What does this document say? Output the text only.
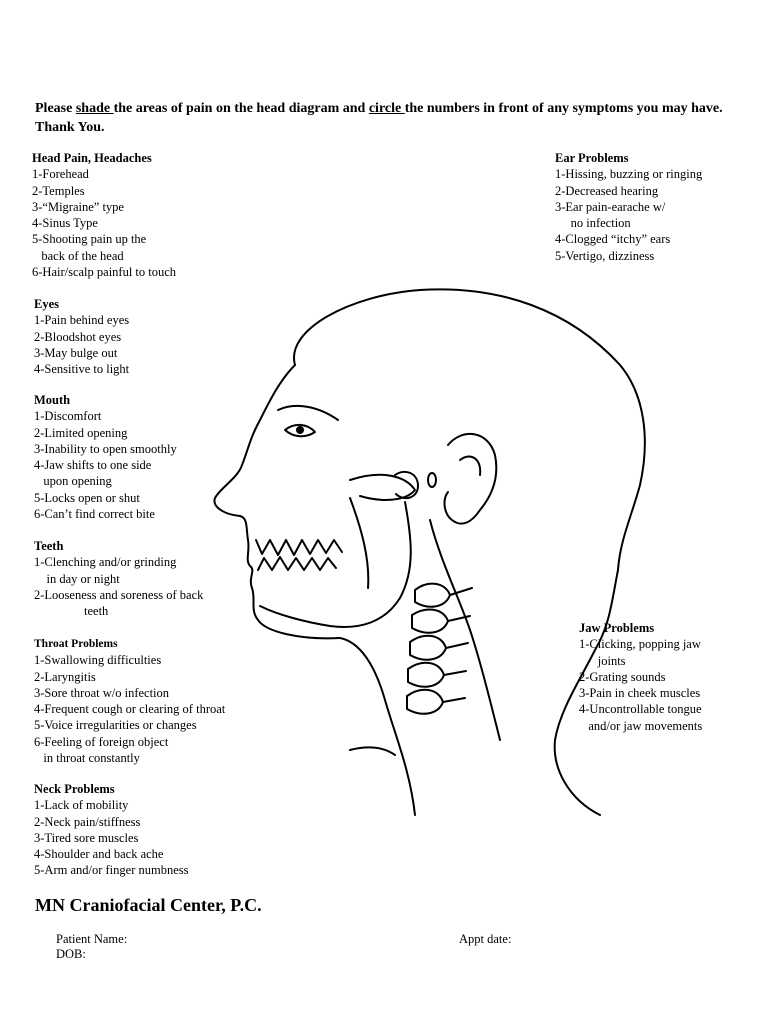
Please shade the areas of pain on the head diagram and circle the numbers in front of any symptoms you may have. Thank You.

Head Pain, Headaches
1-Forehead
2-Temples
3-“Migraine” type
4-Sinus Type
5-Shooting pain up the
back of the head
6-Hair/scalp painful to touch
Ear Problems
1-Hissing, buzzing or ringing
2-Decreased hearing
3-Ear pain-earache w/
no infection
4-Clogged “itchy” ears
5-Vertigo, dizziness
Eyes
1-Pain behind eyes
2-Bloodshot eyes
3-May bulge out
4-Sensitive to light
Mouth
1-Discomfort
2-Limited opening
3-Inability to open smoothly
4-Jaw shifts to one side
upon opening
5-Locks open or shut
6-Can’t find correct bite
Teeth
1-Clenching and/or grinding
in day or night
2-Looseness and soreness of back
teeth
Throat Problems
1-Swallowing difficulties
2-Laryngitis
3-Sore throat w/o infection
4-Frequent cough or clearing of throat
5-Voice irregularities or changes
6-Feeling of foreign object
in throat constantly
Neck Problems
1-Lack of mobility
2-Neck pain/stiffness
3-Tired sore muscles
4-Shoulder and back ache
5-Arm and/or finger numbness
Jaw Problems
1-Clicking, popping jaw
joints
2-Grating sounds
3-Pain in cheek muscles
4-Uncontrollable tongue
and/or jaw movements
MN Craniofacial Center, P.C.
Patient Name:
DOB:
Appt date:
